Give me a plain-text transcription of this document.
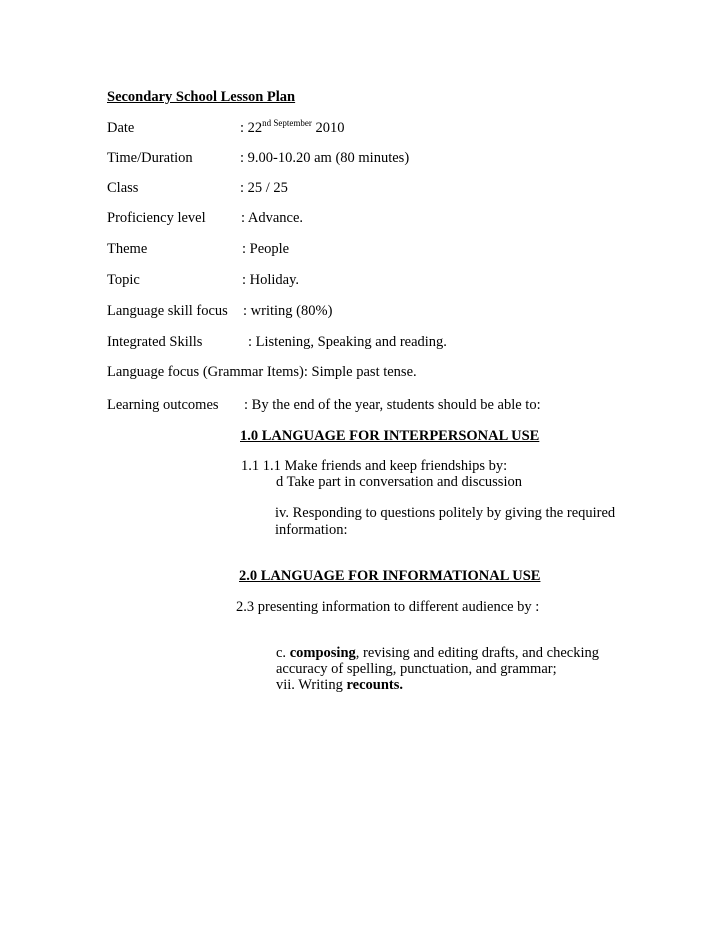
Secondary School Lesson Plan
Date	: $22^{nd September}$ 2010
Time/Duration	: 9.00-10.20 am (80 minutes)
Class	: 25 / 25
Proficiency level : Advance.
Theme	: People
Topic	: Holiday.
Language skill focus : writing (80%)
Integrated Skills	: Listening, Speaking and reading.
Language focus (Grammar Items): Simple past tense.
Learning outcomes : By the end of the year, students should be able to:
1.0 LANGUAGE FOR INTERPERSONAL USE
1.1 1.1 Make friends and keep friendships by:
d Take part in conversation and discussion
iv. Responding to questions politely by giving the required
information:
2.0 LANGUAGE FOR INFORMATIONAL USE
2.3 presenting information to different audience by :
c. composing, revising and editing drafts, and checking
accuracy of spelling, punctuation, and grammar;
vii. Writing recounts.
